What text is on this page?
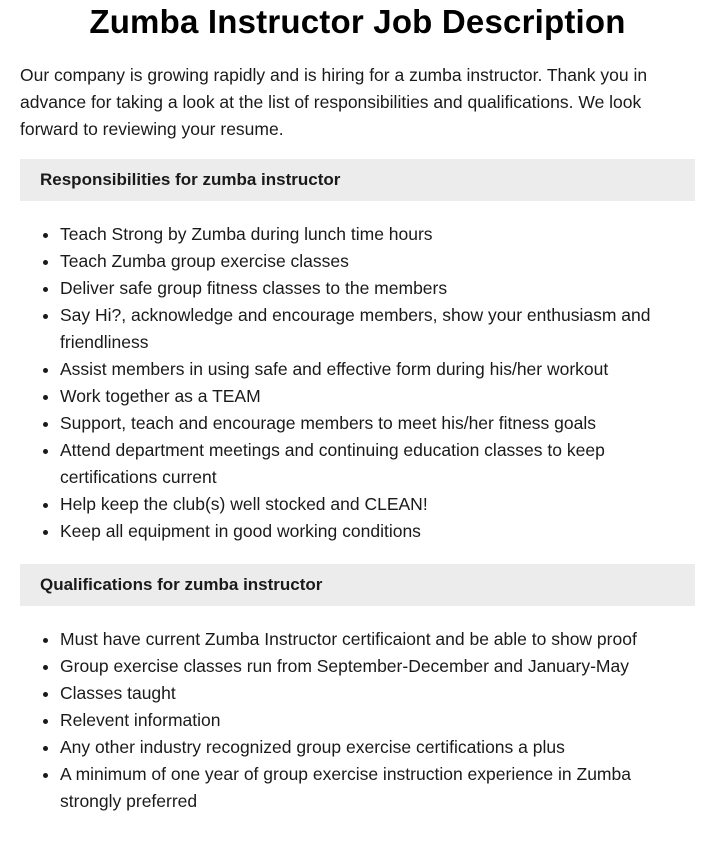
Zumba Instructor Job Description

Our company is growing rapidly and is hiring for a zumba instructor. Thank you in advance for taking a look at the list of responsibilities and qualifications. We look forward to reviewing your resume.

Responsibilities for zumba instructor
• Teach Strong by Zumba during lunch time hours
• Teach Zumba group exercise classes
• Deliver safe group fitness classes to the members
• Say Hi?, acknowledge and encourage members, show your enthusiasm and friendliness
• Assist members in using safe and effective form during his/her workout
• Work together as a TEAM
• Support, teach and encourage members to meet his/her fitness goals
• Attend department meetings and continuing education classes to keep certifications current
• Help keep the club(s) well stocked and CLEAN!
• Keep all equipment in good working conditions
Qualifications for zumba instructor
• Must have current Zumba Instructor certificaiont and be able to show proof
• Group exercise classes run from September-December and January-May
• Classes taught
• Relevent information
• Any other industry recognized group exercise certifications a plus
• A minimum of one year of group exercise instruction experience in Zumba strongly preferred
